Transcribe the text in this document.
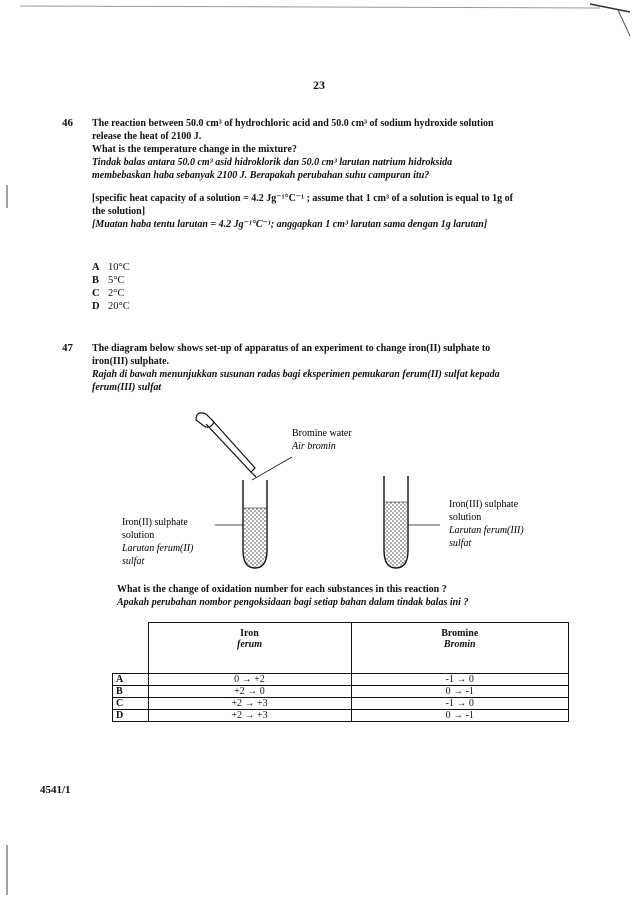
23
46 The reaction between 50.0 cm³ of hydrochloric acid and 50.0 cm³ of sodium hydroxide solution
release the heat of 2100 J.
What is the temperature change in the mixture?
Tindak balas antara 50.0 cm³ asid hidroklorik dan 50.0 cm³ larutan natrium hidroksida
membebaskan haba sebanyak 2100 J. Berapakah perubahan suhu campuran itu?
[specific heat capacity of a solution = 4.2 Jg⁻¹°C⁻¹ ; assume that 1 cm³ of a solution is equal to 1g of
the solution]
[Muatan haba tentu larutan = 4.2 Jg⁻¹°C⁻¹; anggapkan 1 cm³ larutan sama dengan 1g larutan]
A 10°C
B 5°C
C 2°C
D 20°C
47 The diagram below shows set-up of apparatus of an experiment to change iron(II) sulphate to
iron(III) sulphate.
Rajah di bawah menunjukkan susunan radas bagi eksperimen pemukaran ferum(II) sulfat kepada
ferum(III) sulfat
Bromine water
Air bromin
Iron(II) sulphate
solution
Larutan ferum(II)
sulfat
Iron(III) sulphate
solution
Larutan ferum(III)
sulfat
What is the change of oxidation number for each substances in this reaction ?
Apakah perubahan nombor pengoksidaan bagi setiap bahan dalam tindak balas ini ?
	Iron
ferum	Bromine
Bromin

A	0 → +2	-1 → 0
B	+2 → 0	0 → -1
C	+2 → +3	-1 → 0
D	+2 → +3	0 → -1
4541/1
